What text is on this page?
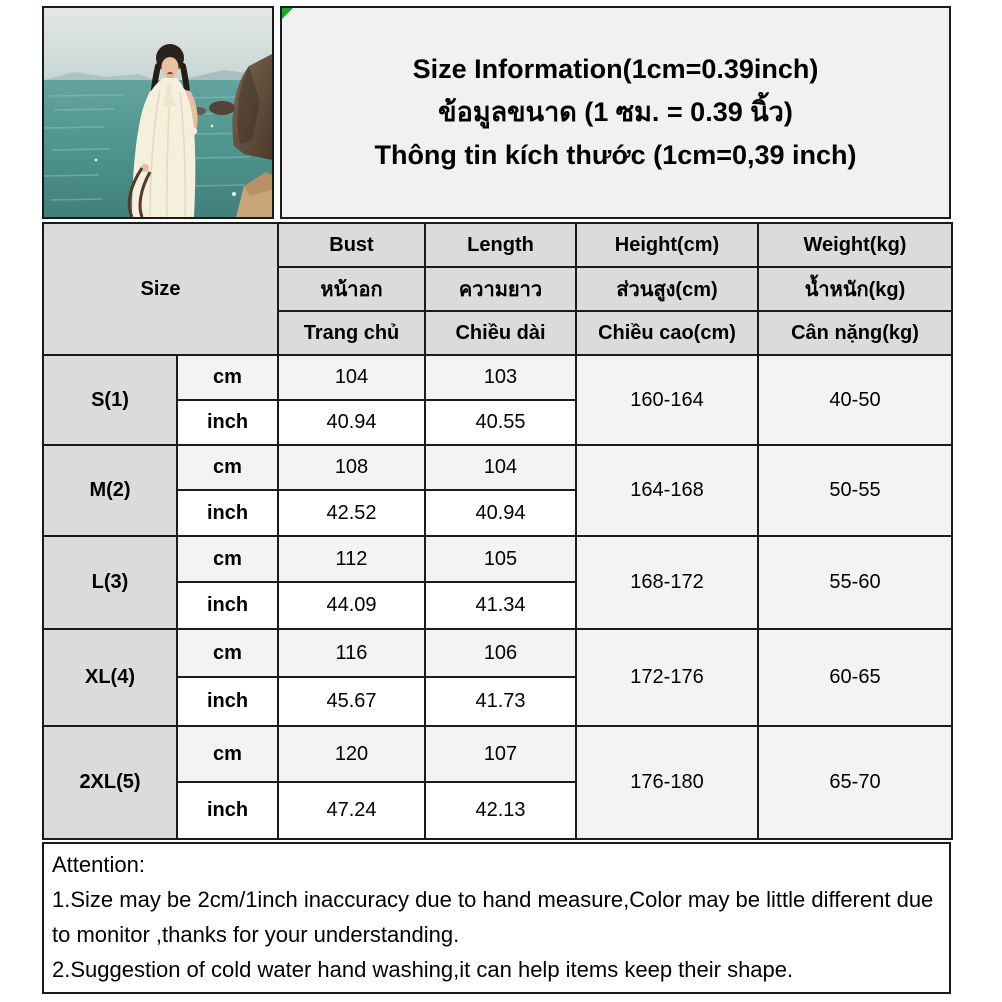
Size Information(1cm=0.39inch)
ข้อมูลขนาด (1 ซม. = 0.39 นิ้ว)
Thông tin kích thước (1cm=0,39 inch)
Size		Bust	Length	Height(cm)	Weight(kg)
		หน้าอก	ความยาว	ส่วนสูง(cm)	น้ำหนัก(kg)
		Trang chủ	Chiều dài	Chiều cao(cm)	Cân nặng(kg)
S(1)	cm	104	103	160-164	40-50
	inch	40.94	40.55		
M(2)	cm	108	104	164-168	50-55
	inch	42.52	40.94		
L(3)	cm	112	105	168-172	55-60
	inch	44.09	41.34		
XL(4)	cm	116	106	172-176	60-65
	inch	45.67	41.73		
2XL(5)	cm	120	107	176-180	65-70
	inch	47.24	42.13		
Attention:
1.Size may be 2cm/1inch inaccuracy due to hand measure,Color may be little different due to monitor ,thanks for your understanding.
2.Suggestion of cold water hand washing,it can help items keep their shape.
